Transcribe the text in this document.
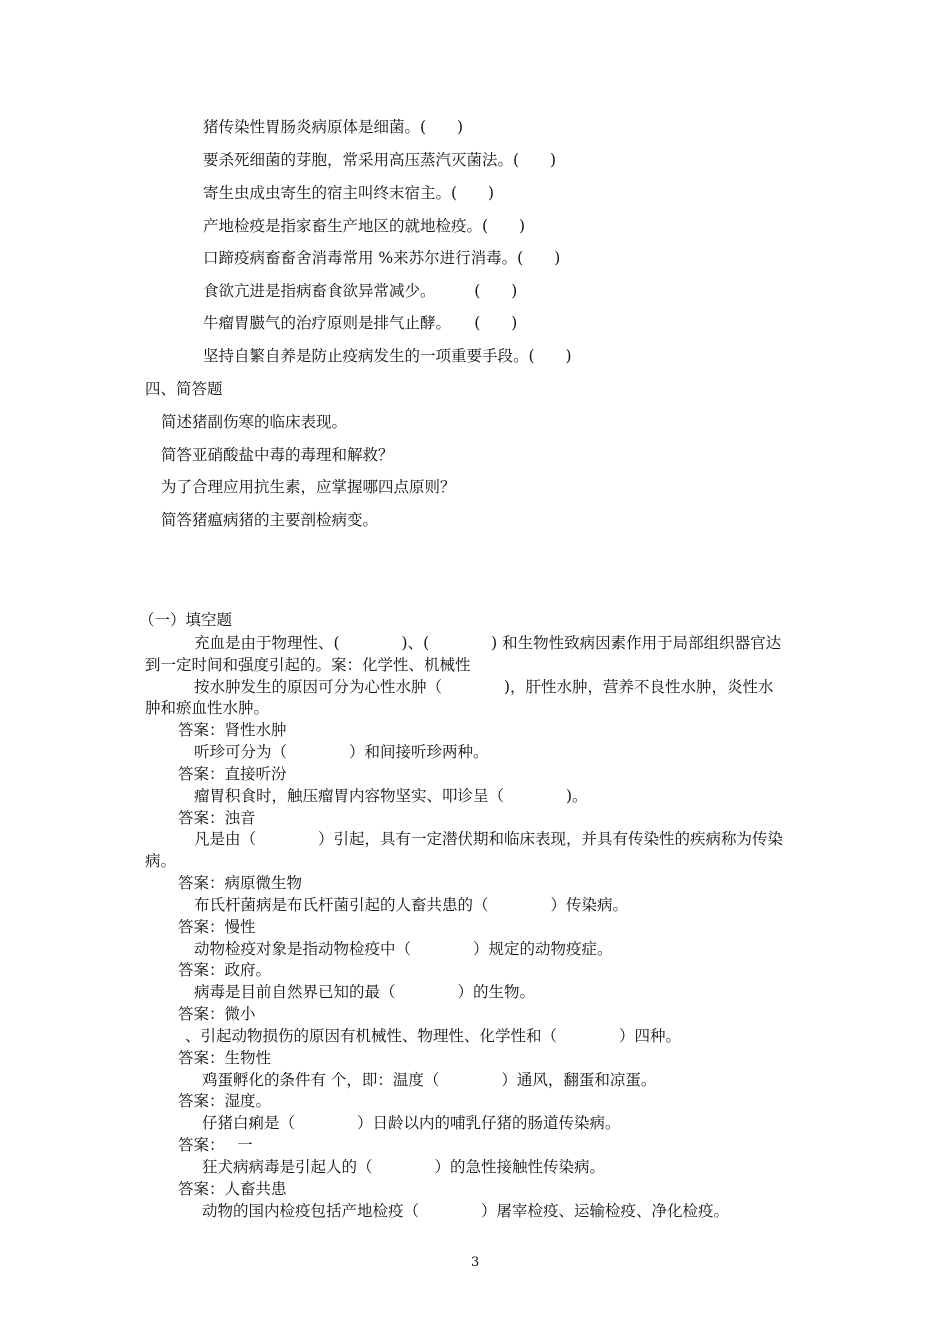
猪传染性胃肠炎病原体是细菌。(　　)
要杀死细菌的芽胞，常采用高压蒸汽灭菌法。(　　)
寄生虫成虫寄生的宿主叫终末宿主。(　　)
产地检疫是指家畜生产地区的就地检疫。(　　)
口蹄疫病畜畜舍消毒常用 %来苏尔进行消毒。(　　)
食欲亢进是指病畜食欲异常减少。　　　(　　)
牛瘤胃臌气的治疗原则是排气止酵。　　(　　)
坚持自繁自养是防止疫病发生的一项重要手段。(　　)
四、简答题
简述猪副伤寒的临床表现。
简答亚硝酸盐中毒的毒理和解救？
为了合理应用抗生素，应掌握哪四点原则？
简答猪瘟病猪的主要剖检病变。
（一）填空题
充血是由于物理性、(　　　　)、(　　　　) 和生物性致病因素作用于局部组织器官达
到一定时间和强度引起的。案：化学性、机械性
按水肿发生的原因可分为心性水肿（　　　　)，肝性水肿，营养不良性水肿，炎性水
肿和瘀血性水肿。
答案：肾性水肿
听珍可分为（　　　　）和间接听珍两种。
答案：直接听汾
瘤胃积食时，触压瘤胃内容物坚实、叩诊呈（　　　　)。
答案：浊音
凡是由（　　　　）引起，具有一定潜伏期和临床表现，并具有传染性的疾病称为传染
病。
答案：病原微生物
布氏杆菌病是布氏杆菌引起的人畜共患的（　　　　）传染病。
答案：慢性
动物检疫对象是指动物检疫中（　　　　）规定的动物疫症。
答案：政府。
病毒是目前自然界已知的最（　　　　）的生物。
答案：微小
、引起动物损伤的原因有机械性、物理性、化学性和（　　　　）四种。
答案：生物性
鸡蛋孵化的条件有 个，即：温度（　　　　）通风，翻蛋和凉蛋。
答案：湿度。
仔猪白痢是（　　　　）日龄以内的哺乳仔猪的肠道传染病。
答案：　 一
狂犬病病毒是引起人的（　　　　）的急性接触性传染病。
答案：人畜共患
动物的国内检疫包括产地检疫（　　　　）屠宰检疫、运输检疫、净化检疫。
3
